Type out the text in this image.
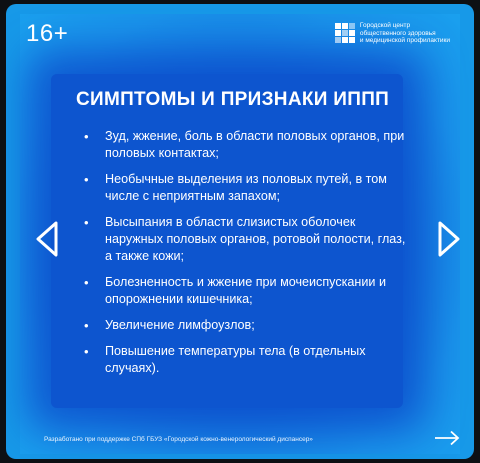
16+	Городской центр
общественного здоровья
и медицинской профилактики
СИМПТОМЫ И ПРИЗНАКИ ИППП
• Зуд, жжение, боль в области половых органов, при половых контактах;
• Необычные выделения из половых путей, в том числе с неприятным запахом;
• Высыпания в области слизистых оболочек наружных половых органов, ротовой полости, глаз, а также кожи;
• Болезненность и жжение при мочеиспускании и опорожнении кишечника;
• Увеличение лимфоузлов;
• Повышение температуры тела (в отдельных случаях).
Разработано при поддержке СПб ГБУЗ «Городской кожно-венерологический диспансер»
